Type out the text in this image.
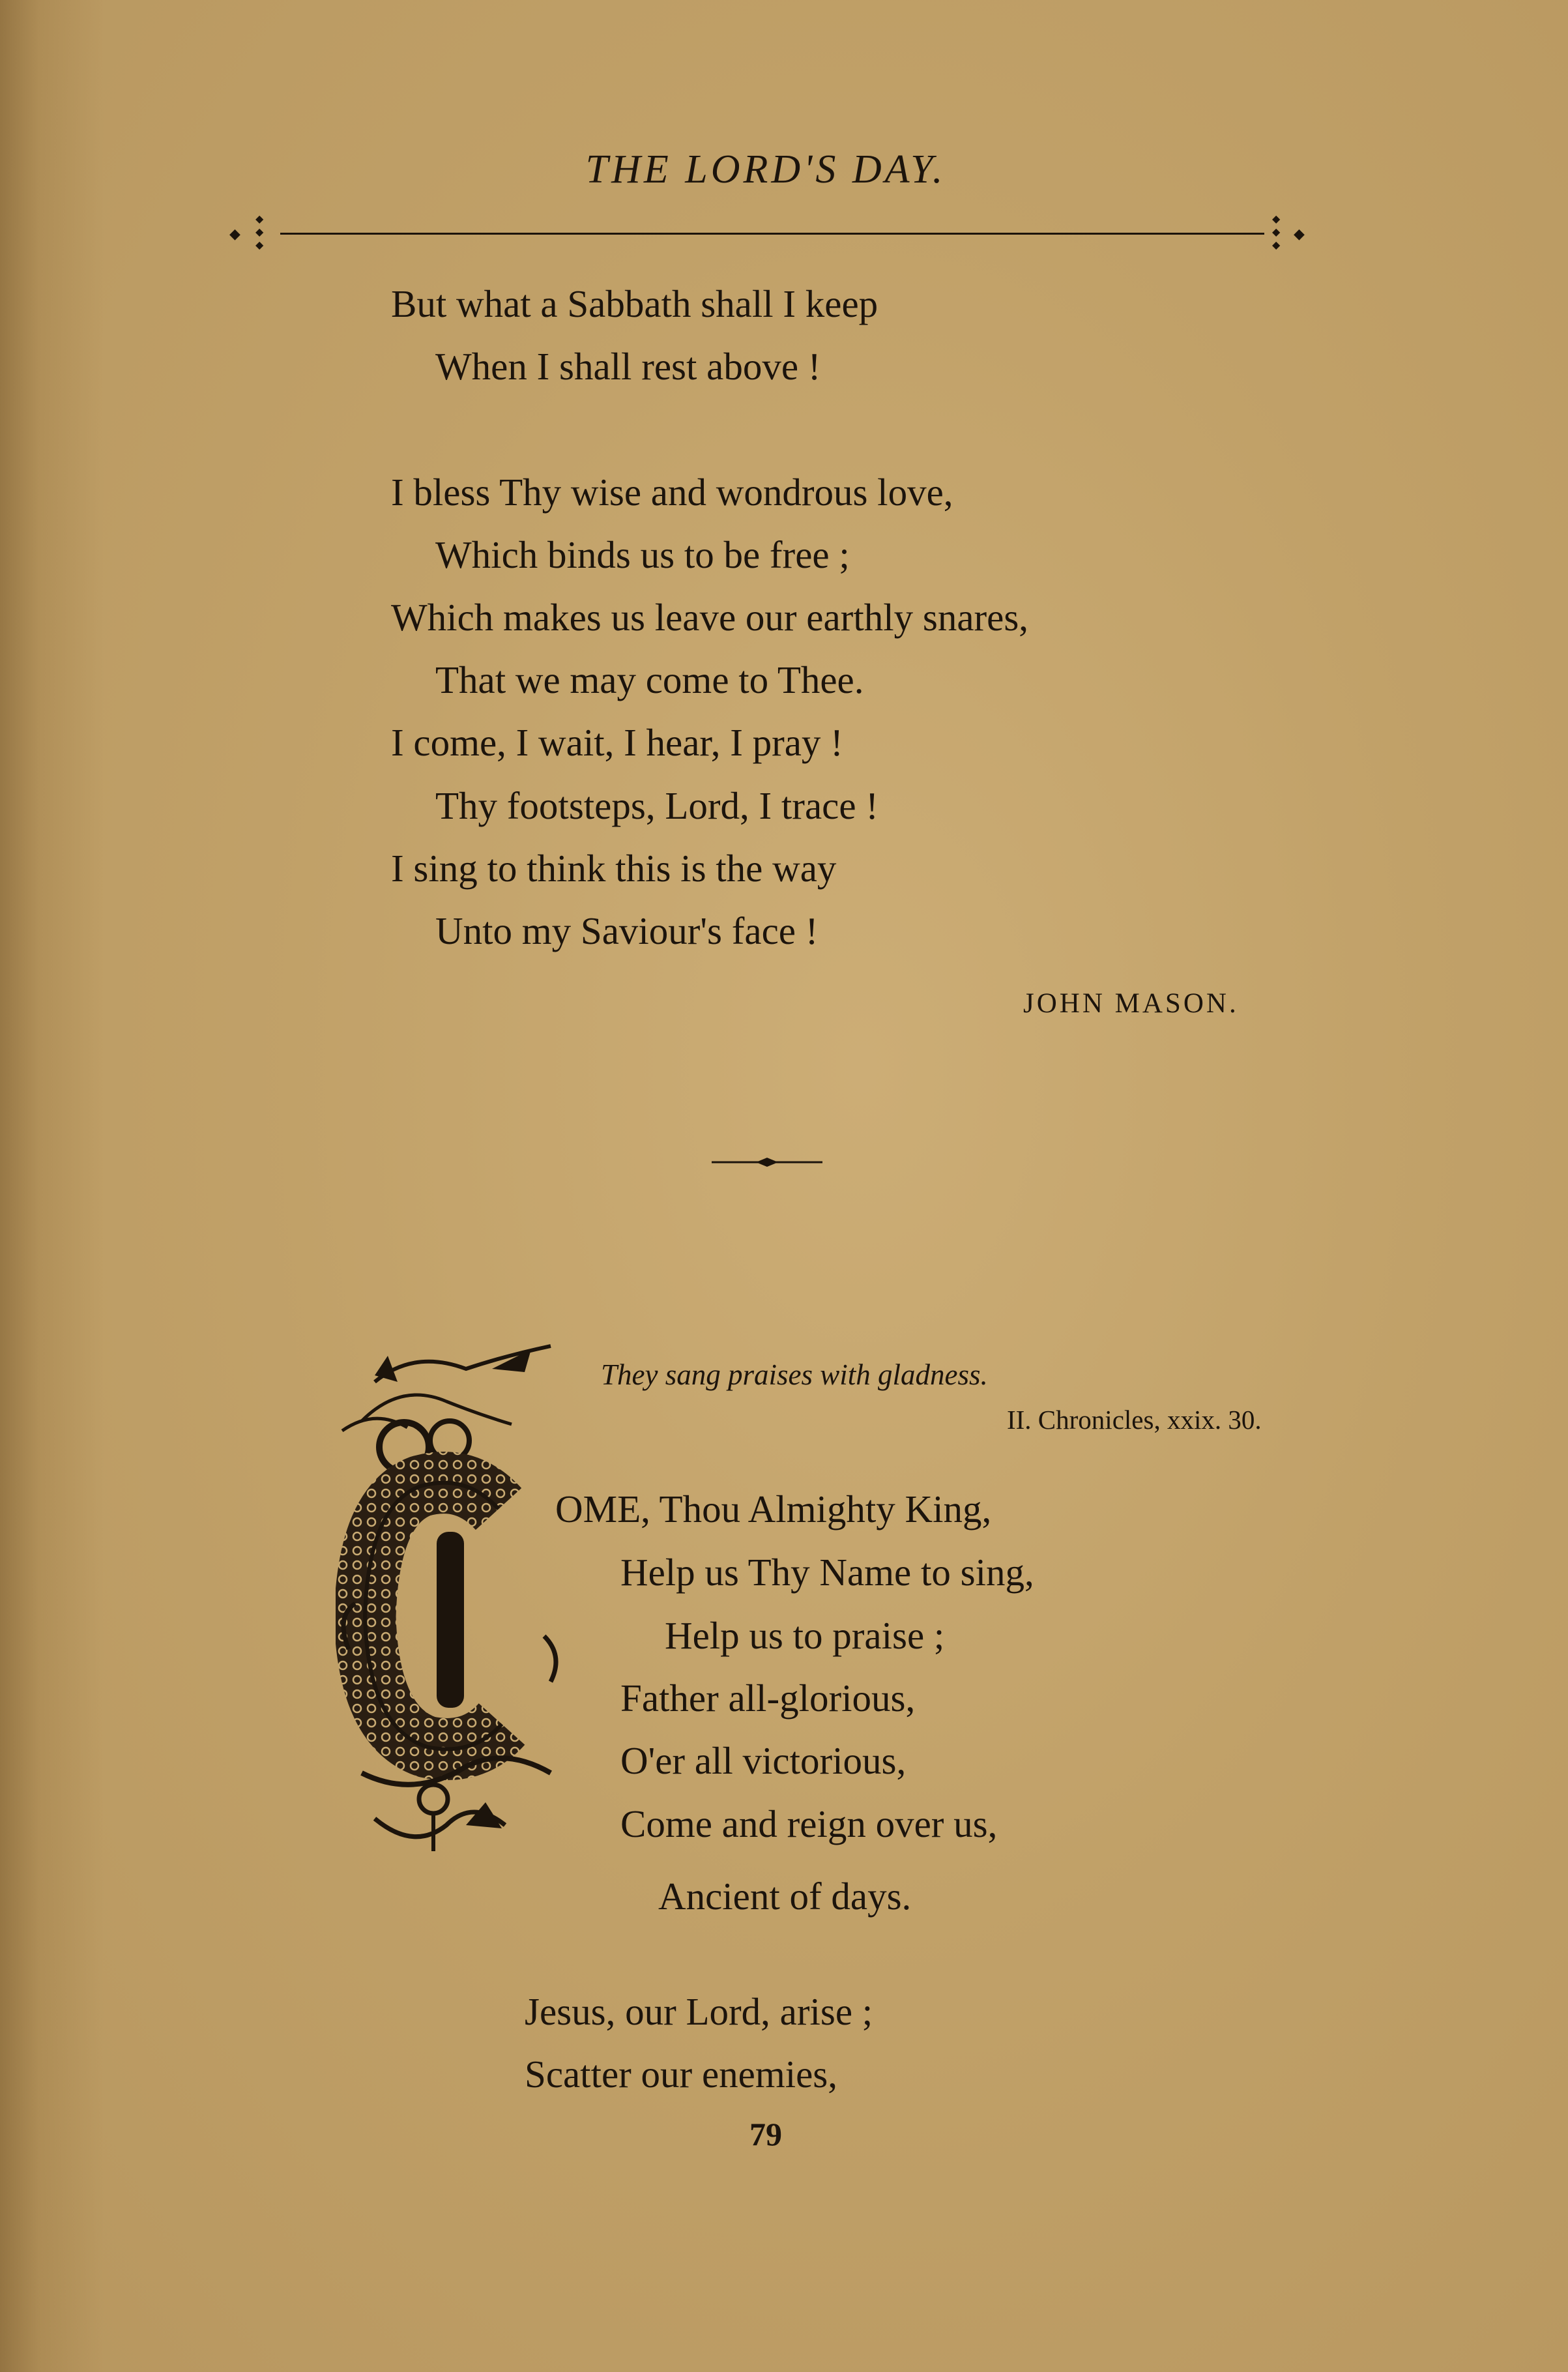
THE LORD'S DAY.
◆
◆
◆
◆
◆
◆
◆
◆
But what a Sabbath shall I keep
When I shall rest above !
I bless Thy wise and wondrous love,
Which binds us to be free ;
Which makes us leave our earthly snares,
That we may come to Thee.
I come, I wait, I hear, I pray !
Thy footsteps, Lord, I trace !
I sing to think this is the way
Unto my Saviour's face !
JOHN MASON.
They sang praises with gladness.
II. Chronicles, xxix. 30.
OME, Thou Almighty King,
Help us Thy Name to sing,
Help us to praise ;
Father all-glorious,
O'er all victorious,
Come and reign over us,
Ancient of days.
Jesus, our Lord, arise ;
Scatter our enemies,
79
